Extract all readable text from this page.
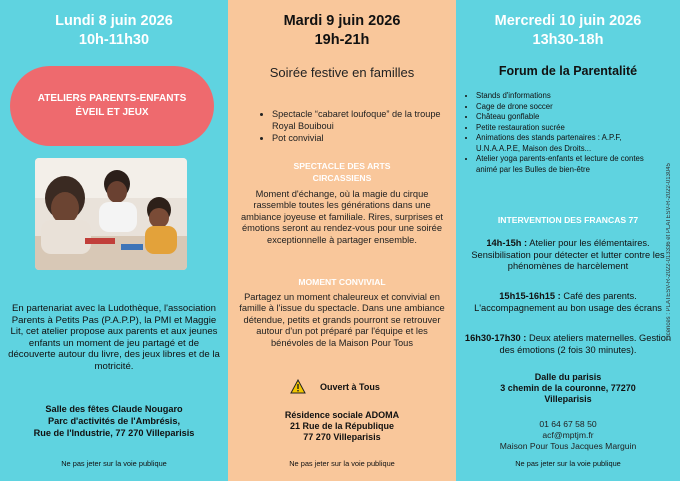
Lundi 8 juin 2026
10h-11h30
ATELIERS PARENTS-ENFANTS
ÉVEIL ET JEUX
En partenariat avec la Ludothèque, l'association Parents à Petits Pas (P.A.P.P), la PMI et Maggie Lit, cet atelier propose aux parents et aux jeunes enfants un moment de jeu partagé et de découverte autour du livre, des jeux libres et de la motricité.
Salle des fêtes Claude Nougaro
Parc d'activités de l'Ambrésis,
Rue de l'Industrie, 77 270 Villeparisis
Ne pas jeter sur la voie publique
Mardi 9 juin 2026
19h-21h
Soirée festive en familles
• Spectacle “cabaret loufoque” de la troupe Royal Bouiboui
• Pot convivial
SPECTACLE DES ARTS
CIRCASSIENS
Moment d'échange, où la magie du cirque rassemble toutes les générations dans une ambiance joyeuse et familiale. Rires, surprises et émotions seront au rendez-vous pour une soirée exceptionnelle à partager ensemble.
MOMENT CONVIVIAL
Partagez un moment chaleureux et convivial en famille à l'issue du spectacle. Dans une ambiance détendue, petits et grands pourront se retrouver autour d'un pot préparé par l'équipe et les bénévoles de la Maison Pour Tous
Ouvert à Tous
Résidence sociale ADOMA
21 Rue de la République
77 270 Villeparisis
Ne pas jeter sur la voie publique
Mercredi 10 juin 2026
13h30-18h
Forum de la Parentalité
• Stands d'informations
• Cage de drone soccer
• Château gonflable
• Petite restauration sucrée
• Animations des stands partenaires : A.P.F, U.N.A.A.P.E, Maison des Droits...
• Atelier yoga parents-enfants et lecture de contes animé par les Bulles de bien-être
INTERVENTION DES FRANCAS 77
14h-15h : Atelier pour les élémentaires. Sensibilisation pour détecter et lutter contre les phénomènes de harcèlement
15h15-16h15 : Café des parents. L'accompagnement au bon usage des écrans
16h30-17h30 : Deux ateliers maternelles. Gestion des émotions (2 fois 30 minutes).
Dalle du parisis
3 chemin de la couronne, 77270
Villeparisis
01 64 67 58 50
acf@mptjm.fr
Maison Pour Tous Jacques Marguin
Ne pas jeter sur la voie publique
Licences : PLATESV-R-2022-013336 et PLATESV-R-2022-013045
